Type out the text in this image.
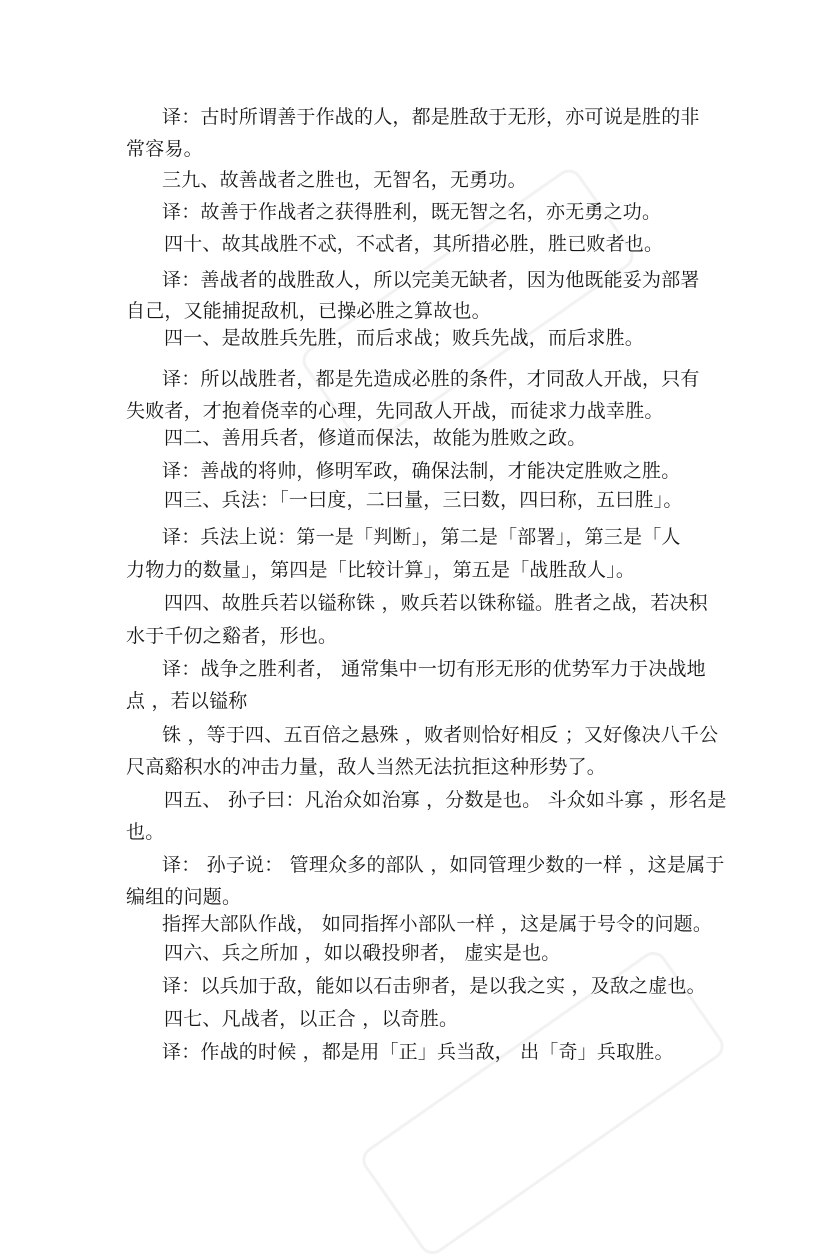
译：古时所谓善于作战的人，都是胜敌于无形，亦可说是胜的非

常容易。

三九、故善战者之胜也，无智名，无勇功。

译：故善于作战者之获得胜利，既无智之名，亦无勇之功。

四十、故其战胜不忒，不忒者，其所措必胜，胜已败者也。

译：善战者的战胜敌人，所以完美无缺者，因为他既能妥为部署

自己，又能捕捉敌机，已操必胜之算故也。

四一、是故胜兵先胜，而后求战；败兵先战，而后求胜。

译：所以战胜者，都是先造成必胜的条件，才同敌人开战，只有

失败者，才抱着侥幸的心理，先同敌人开战，而徒求力战幸胜。

四二、善用兵者，修道而保法，故能为胜败之政。

译：善战的将帅，修明军政，确保法制，才能决定胜败之胜。

四三、兵法：「一曰度，二曰量，三曰数，四曰称，五曰胜」。

译：兵法上说：第一是「判断」，第二是「部署」，第三是「人

力物力的数量」，第四是「比较计算」，第五是「战胜敌人」。

四四、故胜兵若以镒称铢 ，败兵若以铢称镒。胜者之战，若决积

水于千仞之谿者，形也。

译：战争之胜利者， 通常集中一切有形无形的优势军力于决战地

点 ，若以镒称

铢 ，等于四、五百倍之悬殊 ，败者则恰好相反 ；又好像决八千公

尺高谿积水的冲击力量，敌人当然无法抗拒这种形势了。

四五、 孙子曰：凡治众如治寡 ，分数是也。 斗众如斗寡 ，形名是

也。

译： 孙子说： 管理众多的部队 ，如同管理少数的一样 ，这是属于

编组的问题。

指挥大部队作战， 如同指挥小部队一样 ，这是属于号令的问题。

四六、兵之所加 ，如以碫投卵者， 虚实是也。

译：以兵加于敌，能如以石击卵者，是以我之实 ，及敌之虚也。

四七、凡战者，以正合 ，以奇胜。

译：作战的时候 ，都是用「正」兵当敌， 出「奇」兵取胜。
